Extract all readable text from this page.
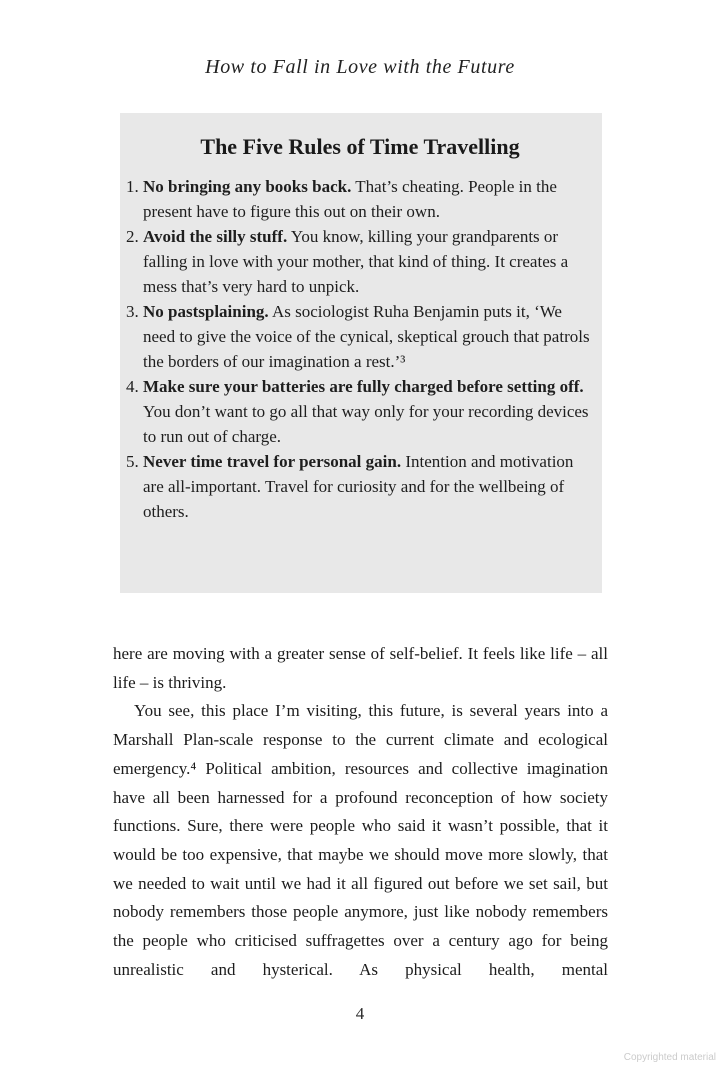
How to Fall in Love with the Future
The Five Rules of Time Travelling
1. No bringing any books back. That’s cheating. People in the present have to figure this out on their own.
2. Avoid the silly stuff. You know, killing your grandparents or falling in love with your mother, that kind of thing. It creates a mess that’s very hard to unpick.
3. No pastsplaining. As sociologist Ruha Benjamin puts it, ‘We need to give the voice of the cynical, skeptical grouch that patrols the borders of our imagination a rest.’³
4. Make sure your batteries are fully charged before setting off. You don’t want to go all that way only for your recording devices to run out of charge.
5. Never time travel for personal gain. Intention and motivation are all-important. Travel for curiosity and for the wellbeing of others.

here are moving with a greater sense of self-belief. It feels like life – all life – is thriving.

You see, this place I’m visiting, this future, is several years into a Marshall Plan-scale response to the current climate and ecological emergency.⁴ Political ambition, resources and collective imagination have all been harnessed for a profound reconception of how society functions. Sure, there were people who said it wasn’t possible, that it would be too expensive, that maybe we should move more slowly, that we needed to wait until we had it all figured out before we set sail, but nobody remembers those people anymore, just like nobody remembers the people who criticised suffragettes over a century ago for being unrealistic and hysterical. As physical health, mental

4
Copyrighted material
